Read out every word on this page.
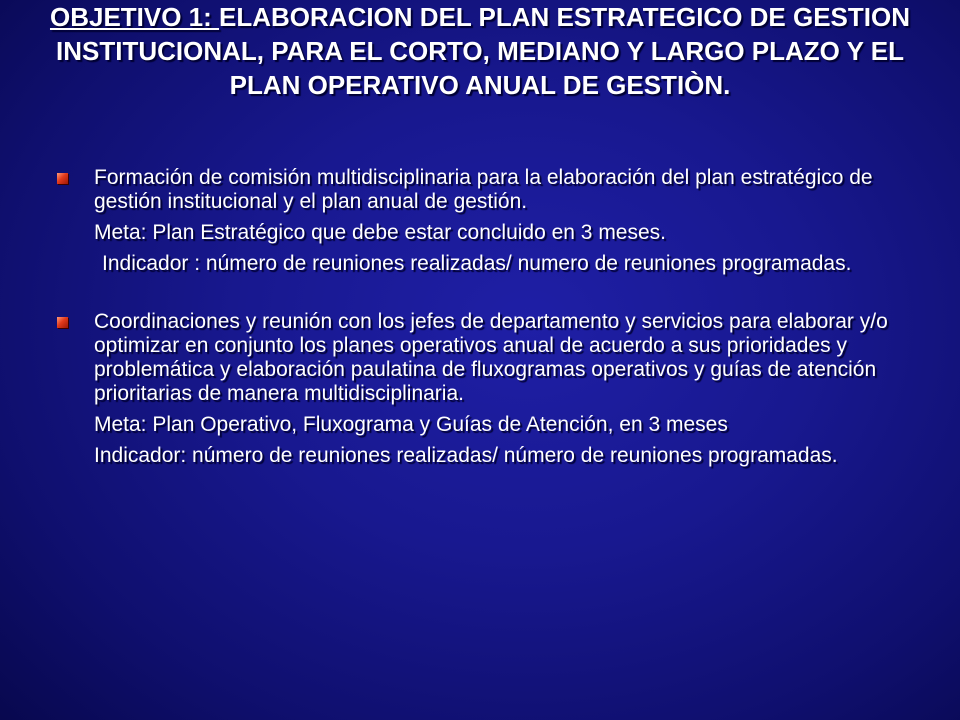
OBJETIVO 1: ELABORACION DEL PLAN ESTRATEGICO DE GESTION INSTITUCIONAL, PARA EL CORTO, MEDIANO Y LARGO PLAZO Y EL PLAN OPERATIVO ANUAL DE GESTIÒN.

Formación de comisión multidisciplinaria para la elaboración del plan estratégico de gestión institucional y el plan anual de gestión.

Meta: Plan Estratégico que debe estar concluido en 3 meses.

Indicador : número de reuniones realizadas/ numero de reuniones programadas.

Coordinaciones y reunión con los jefes de departamento y servicios para elaborar y/o optimizar en conjunto los planes operativos anual de acuerdo a sus prioridades y problemática y elaboración paulatina de fluxogramas operativos y guías de atención prioritarias de manera multidisciplinaria.

Meta: Plan Operativo, Fluxograma y Guías de Atención, en 3 meses

Indicador: número de reuniones realizadas/ número de reuniones programadas.
